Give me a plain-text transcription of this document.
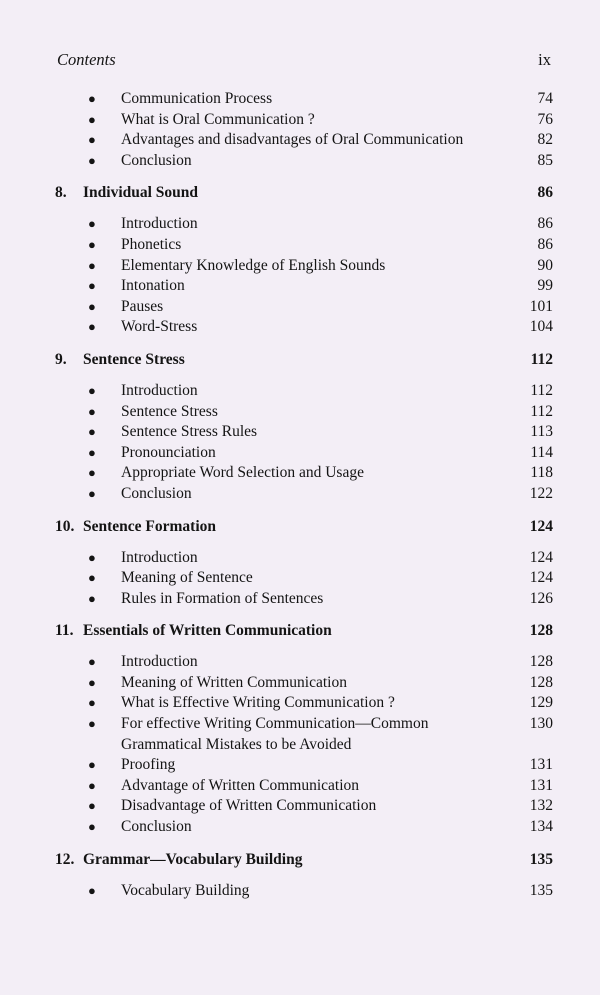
Contents	ix
●	Communication Process	74
●	What is Oral Communication ?	76
●	Advantages and disadvantages of Oral Communication	82
●	Conclusion	85
8.	Individual Sound	86
●	Introduction	86
●	Phonetics	86
●	Elementary Knowledge of English Sounds	90
●	Intonation	99
●	Pauses	101
●	Word-Stress	104
9.	Sentence Stress	112
●	Introduction	112
●	Sentence Stress	112
●	Sentence Stress Rules	113
●	Pronounciation	114
●	Appropriate Word Selection and Usage	118
●	Conclusion	122
10. Sentence Formation	124
●	Introduction	124
●	Meaning of Sentence	124
●	Rules in Formation of Sentences	126
11. Essentials of Written Communication	128
●	Introduction	128
●	Meaning of Written Communication	128
●	What is Effective Writing Communication ?	129
●	For effective Writing Communication—Common
Grammatical Mistakes to be Avoided
130
●	Proofing	131
●	Advantage of Written Communication	131
●	Disadvantage of Written Communication	132
●	Conclusion	134
12. Grammar—Vocabulary Building	135
●	Vocabulary Building	135
